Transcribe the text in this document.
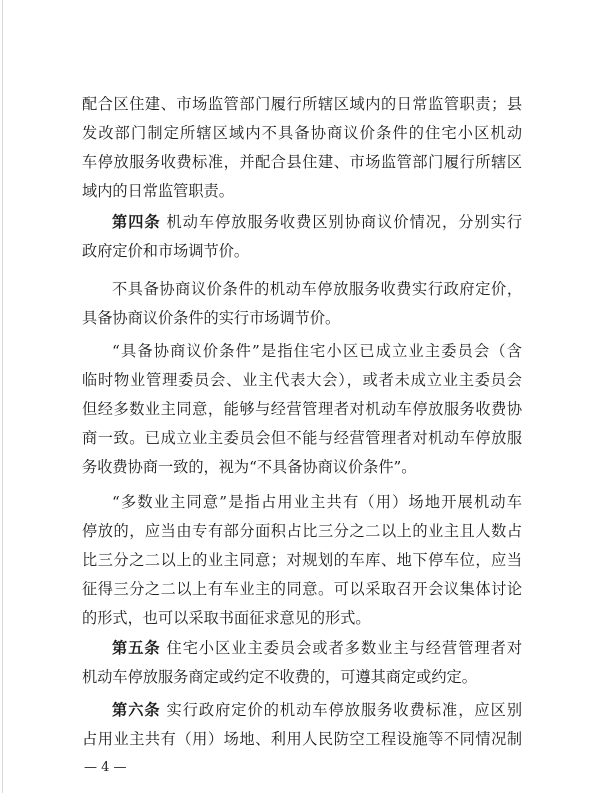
配合区住建、市场监管部门履行所辖区域内的日常监管职责；县
发改部门制定所辖区域内不具备协商议价条件的住宅小区机动
车停放服务收费标准，并配合县住建、市场监管部门履行所辖区
域内的日常监管职责。
第四条 机动车停放服务收费区别协商议价情况，分别实行
政府定价和市场调节价。
不具备协商议价条件的机动车停放服务收费实行政府定价，
具备协商议价条件的实行市场调节价。
“具备协商议价条件”是指住宅小区已成立业主委员会（含
临时物业管理委员会、业主代表大会），或者未成立业主委员会
但经多数业主同意，能够与经营管理者对机动车停放服务收费协
商一致。已成立业主委员会但不能与经营管理者对机动车停放服
务收费协商一致的，视为“不具备协商议价条件”。
“多数业主同意”是指占用业主共有（用）场地开展机动车
停放的，应当由专有部分面积占比三分之二以上的业主且人数占
比三分之二以上的业主同意；对规划的车库、地下停车位，应当
征得三分之二以上有车业主的同意。可以采取召开会议集体讨论
的形式，也可以采取书面征求意见的形式。
第五条 住宅小区业主委员会或者多数业主与经营管理者对
机动车停放服务商定或约定不收费的，可遵其商定或约定。
第六条 实行政府定价的机动车停放服务收费标准，应区别
占用业主共有（用）场地、利用人民防空工程设施等不同情况制
— 4 —
